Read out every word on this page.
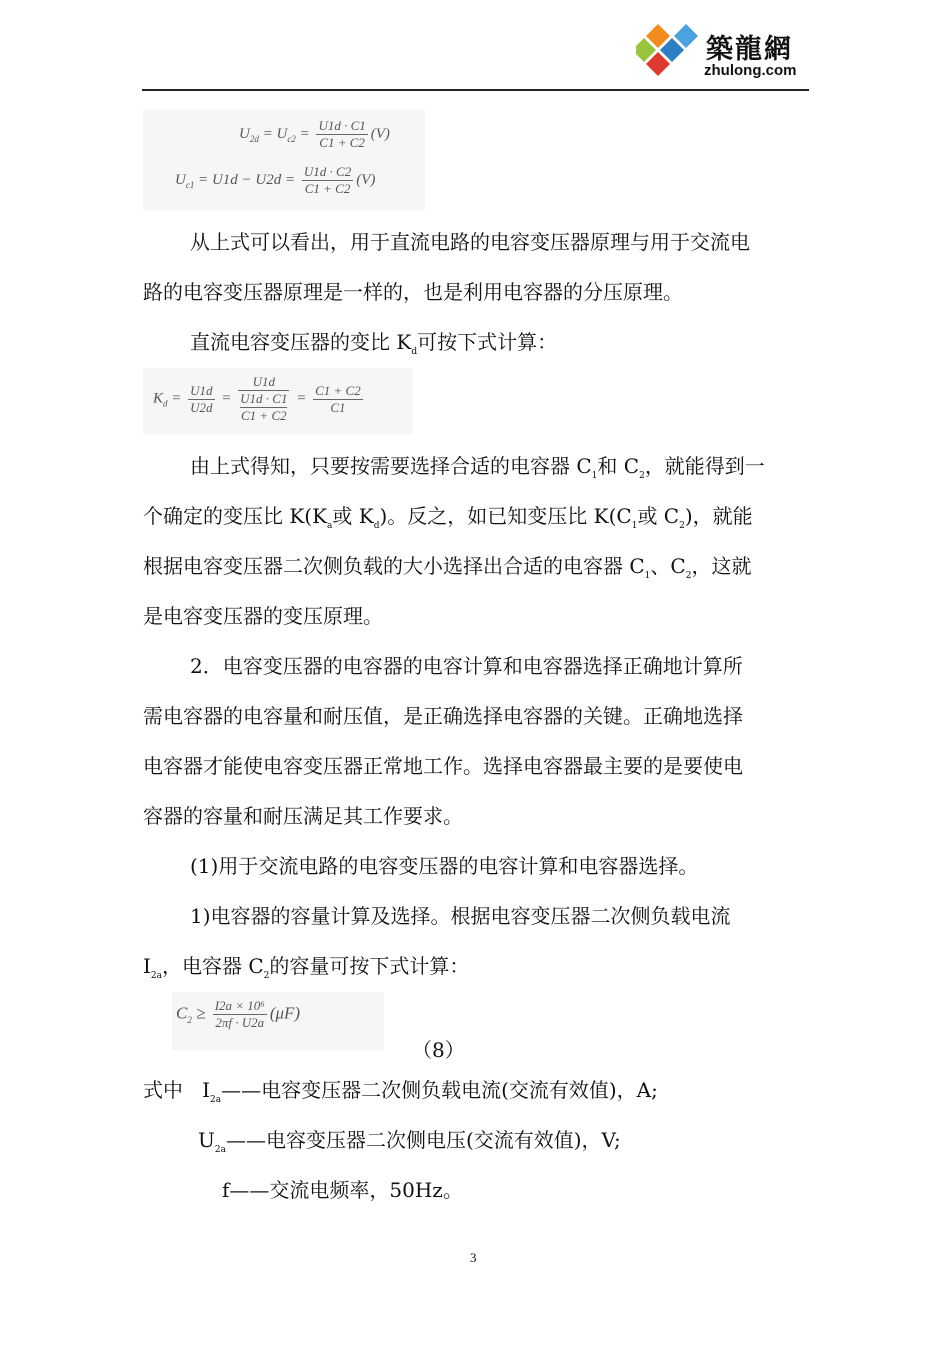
築龍網
zhulong.com
$U_{2d} = U_{c2} = \frac{U1d \cdot C1}{C1 + C2} (V)$
$U_{c1} = U1d - U2d = \frac{U1d \cdot C2}{C1 + C2} (V)$
从上式可以看出，用于直流电路的电容变压器原理与用于交流电
路的电容变压器原理是一样的，也是利用电容器的分压原理。
直流电容变压器的变比 $K_d$可按下式计算：
$K_d = \frac{U1d}{U2d} = U1d$
U1d · C1
$C1 + C2 = \frac{C1 + C2}{C1}$
由上式得知，只要按需要选择合适的电容器 $C_1$和 $C_2$，就能得到一
个确定的变压比 $K(K_a$或 $K_d$)。反之，如已知变压比 $K(C_1$或 $C_2$)，就能
根据电容变压器二次侧负载的大小选择出合适的电容器 $C_1$、$C_2$，这就
是电容变压器的变压原理。
2．电容变压器的电容器的电容计算和电容器选择正确地计算所
需电容器的电容量和耐压值，是正确选择电容器的关键。正确地选择
电容器才能使电容变压器正常地工作。选择电容器最主要的是要使电
容器的容量和耐压满足其工作要求。
(1)用于交流电路的电容变压器的电容计算和电容器选择。
1)电容器的容量计算及选择。根据电容变压器二次侧负载电流
$I_{2a}$，电容器 $C_2$的容量可按下式计算：
$C_2 \ge \frac{\text{I2a × 10⁶}}{2\pi f \cdot U2a} (\mu F)$
（8）
式中 $I_{2a}——$电容变压器二次侧负载电流(交流有效值)，A;
$U_{2a}——$电容变压器二次侧电压(交流有效值)，V;
f——交流电频率，50Hz。
3
